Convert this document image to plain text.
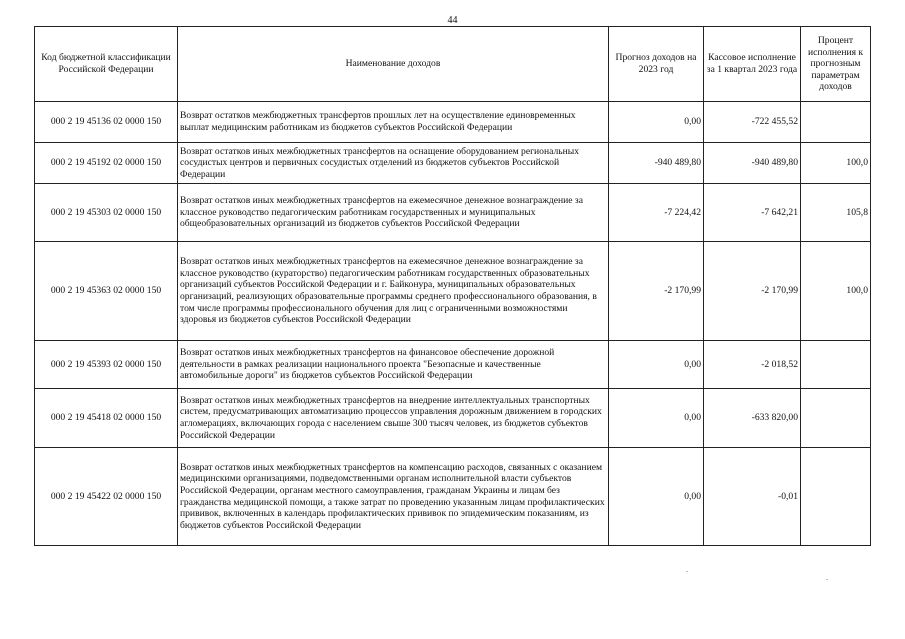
44
Код бюджетной классификации Российской Федерации	Наименование доходов	Прогноз доходов на 2023 год	Кассовое исполнение за 1 квартал 2023 года	Процент исполнения к прогнозным параметрам доходов
000 2 19 45136 02 0000 150	Возврат остатков межбюджетных трансфертов прошлых лет на осуществление единовременных выплат медицинским работникам из бюджетов субъектов Российской Федерации	0,00	-722 455,52	
000 2 19 45192 02 0000 150	Возврат остатков иных межбюджетных трансфертов на оснащение оборудованием региональных сосудистых центров и первичных сосудистых отделений из бюджетов субъектов Российской Федерации	-940 489,80	-940 489,80	100,0
000 2 19 45303 02 0000 150	Возврат остатков иных межбюджетных трансфертов на ежемесячное денежное вознаграждение за классное руководство педагогическим работникам государственных и муниципальных общеобразовательных организаций из бюджетов субъектов Российской Федерации	-7 224,42	-7 642,21	105,8
000 2 19 45363 02 0000 150	Возврат остатков иных межбюджетных трансфертов на ежемесячное денежное вознаграждение за классное руководство (кураторство) педагогическим работникам государственных образовательных организаций субъектов Российской Федерации и г. Байконура, муниципальных образовательных организаций, реализующих образовательные программы среднего профессионального образования, в том числе программы профессионального обучения для лиц с ограниченными возможностями здоровья из бюджетов субъектов Российской Федерации	-2 170,99	-2 170,99	100,0
000 2 19 45393 02 0000 150	Возврат остатков иных межбюджетных трансфертов на финансовое обеспечение дорожной деятельности в рамках реализации национального проекта "Безопасные и качественные автомобильные дороги" из бюджетов субъектов Российской Федерации	0,00	-2 018,52	
000 2 19 45418 02 0000 150	Возврат остатков иных межбюджетных трансфертов на внедрение интеллектуальных транспортных систем, предусматривающих автоматизацию процессов управления дорожным движением в городских агломерациях, включающих города с населением свыше 300 тысяч человек, из бюджетов субъектов Российской Федерации	0,00	-633 820,00	
000 2 19 45422 02 0000 150	Возврат остатков иных межбюджетных трансфертов на компенсацию расходов, связанных с оказанием медицинскими организациями, подведомственными органам исполнительной власти субъектов Российской Федерации, органам местного самоуправления, гражданам Украины и лицам без гражданства медицинской помощи, а также затрат по проведению указанным лицам профилактических прививок, включенных в календарь профилактических прививок по эпидемическим показаниям, из бюджетов субъектов Российской Федерации	0,00	-0,01	
